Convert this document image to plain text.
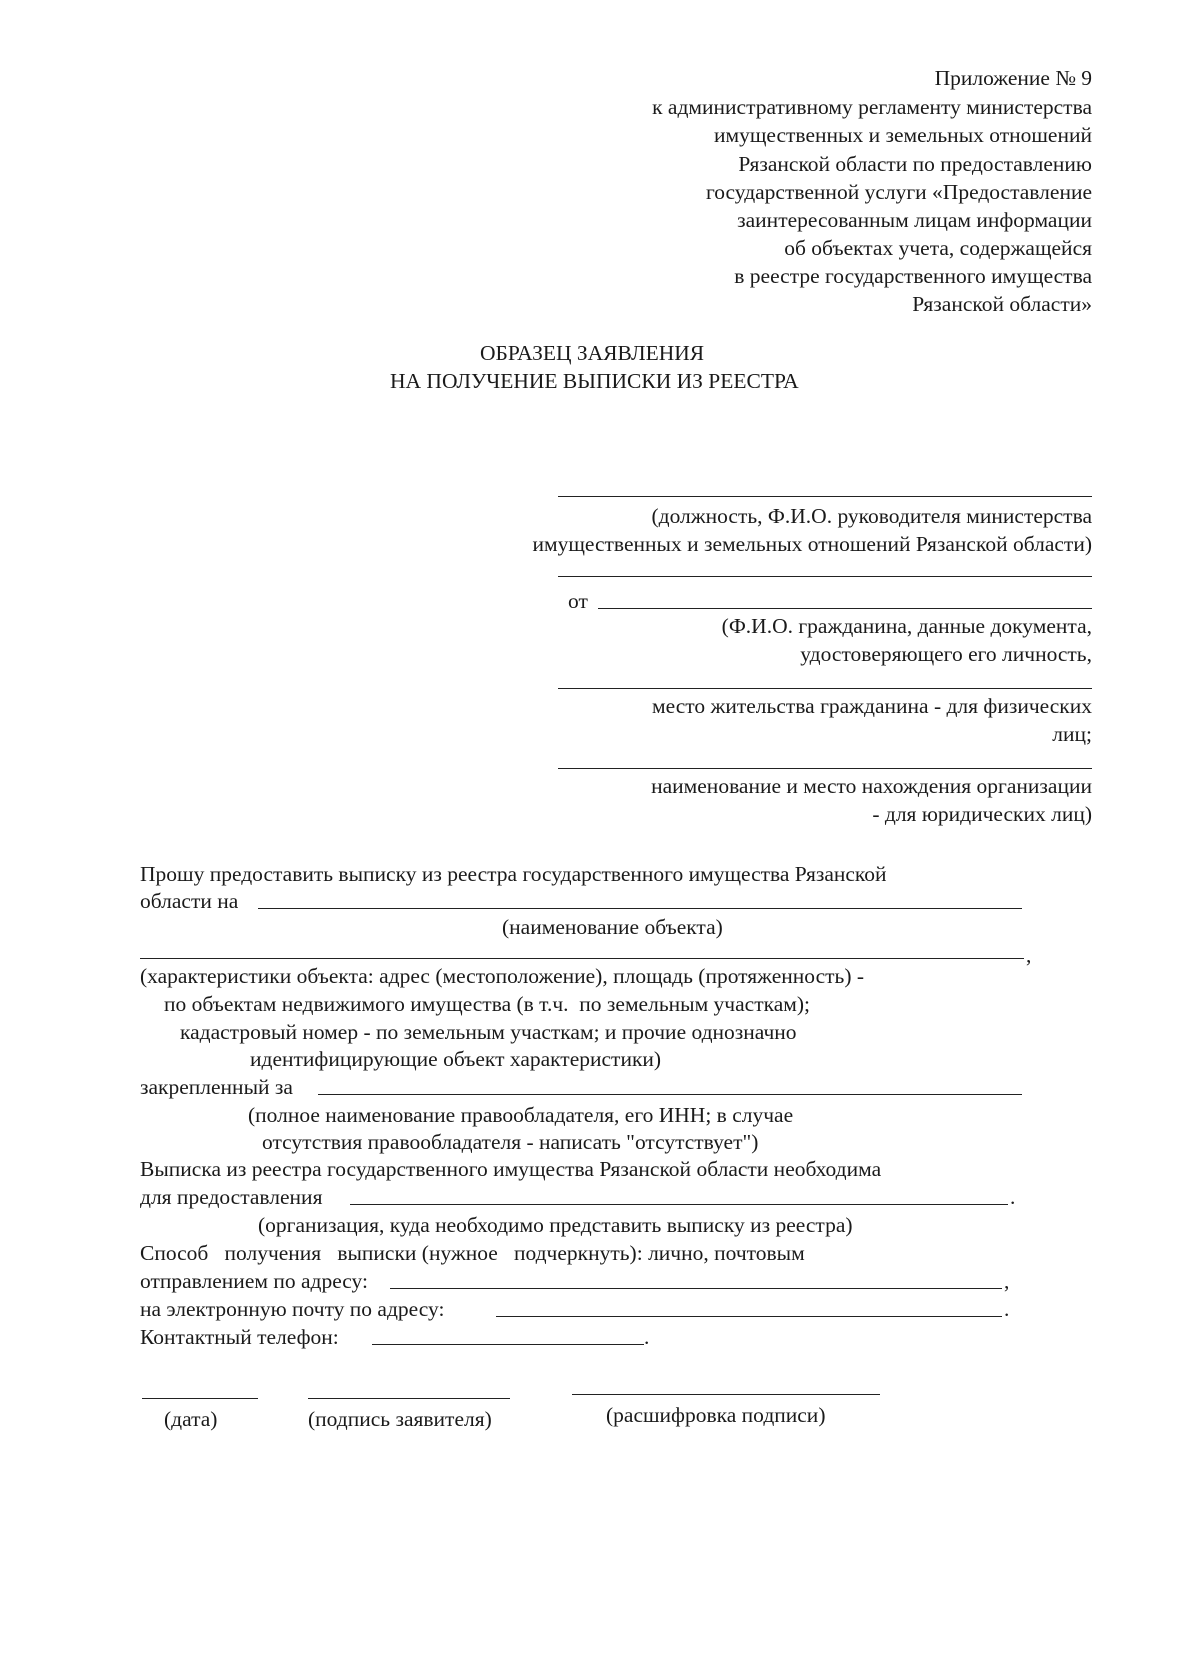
Приложение № 9
к административному регламенту министерства
имущественных и земельных отношений
Рязанской области по предоставлению
государственной услуги «Предоставление
заинтересованным лицам информации
об объектах учета, содержащейся
в реестре государственного имущества
Рязанской области»
ОБРАЗЕЦ ЗАЯВЛЕНИЯ
НА ПОЛУЧЕНИЕ ВЫПИСКИ ИЗ РЕЕСТРА
(должность, Ф.И.О. руководителя министерства
имущественных и земельных отношений Рязанской области)
от
(Ф.И.О. гражданина, данные документа,
удостоверяющего его личность,
место жительства гражданина - для физических
лиц;
наименование и место нахождения организации
- для юридических лиц)
Прошу предоставить выписку из реестра государственного имущества Рязанской
области на
(наименование объекта)
,
(характеристики объекта: адрес (местоположение), площадь (протяженность) -
по объектам недвижимого имущества (в т.ч.  по земельным участкам);
кадастровый номер - по земельным участкам; и прочие однозначно
идентифицирующие объект характеристики)
закрепленный за
(полное наименование правообладателя, его ИНН; в случае
отсутствия правообладателя - написать "отсутствует")
Выписка из реестра государственного имущества Рязанской области необходима
для предоставления	.
(организация, куда необходимо представить выписку из реестра)
Способ   получения   выписки (нужное   подчеркнуть): лично, почтовым
отправлением по адресу:	,
на электронную почту по адресу:	.
Контактный телефон:	.
(дата)	(подпись заявителя)	(расшифровка подписи)
